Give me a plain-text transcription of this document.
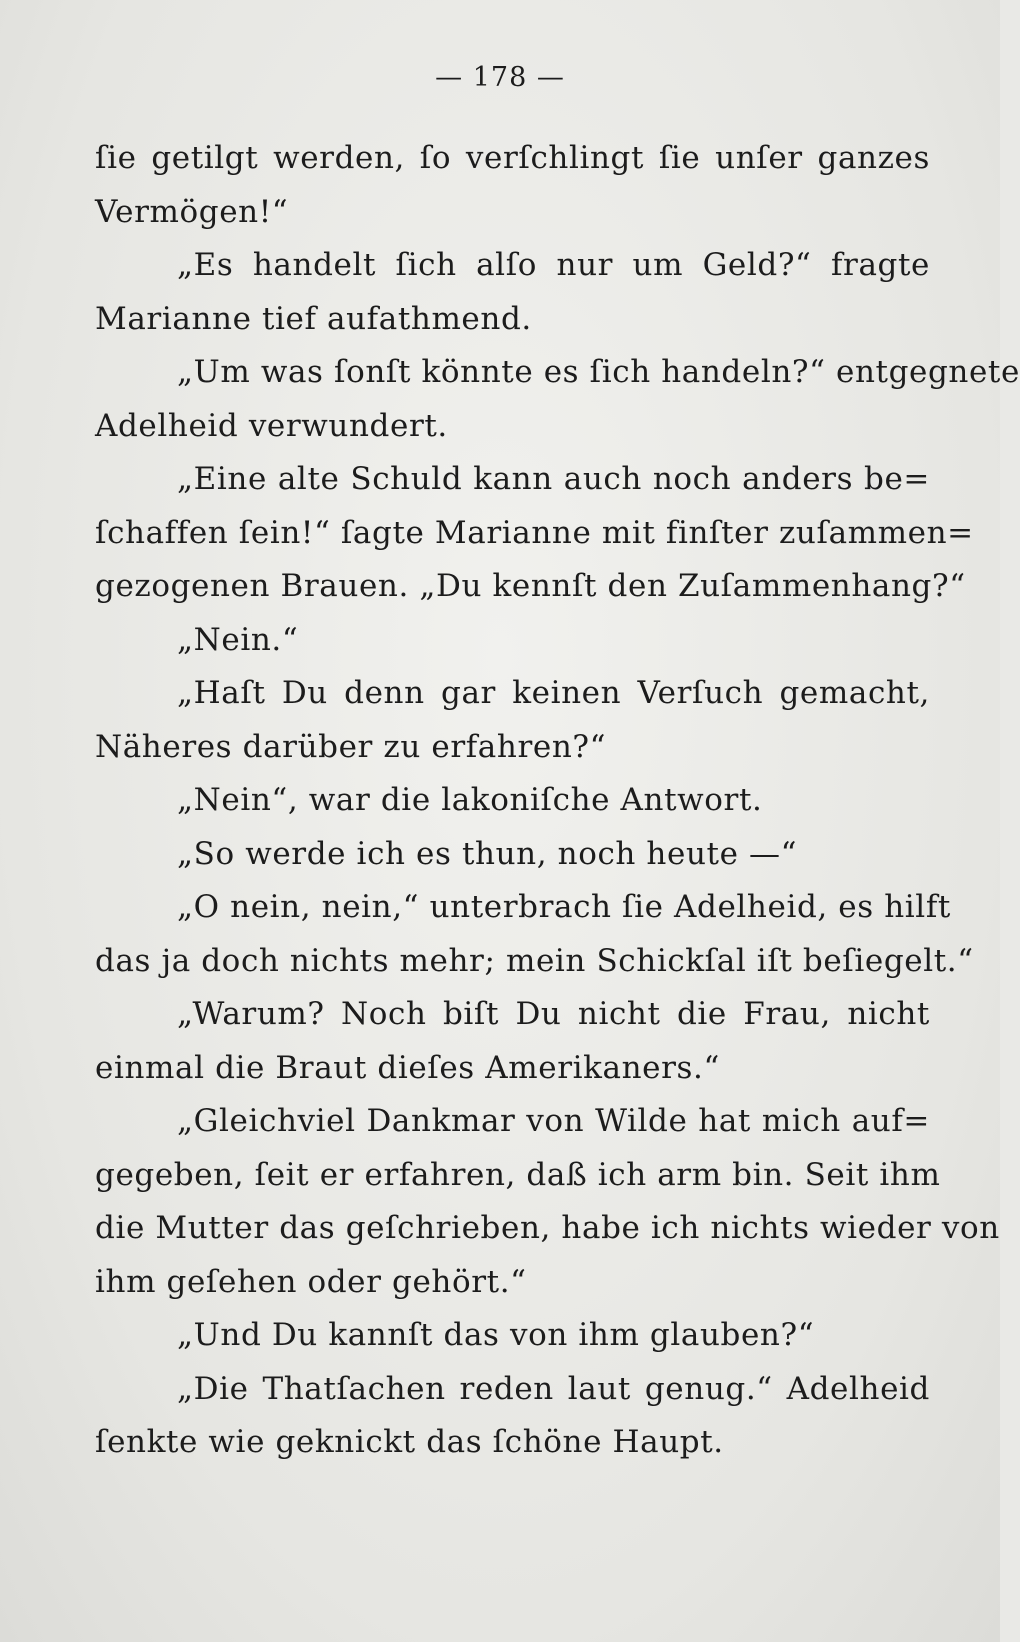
— 178 —
ſie getilgt werden, ſo verſchlingt ſie unſer ganzes
Vermögen!“
„Es handelt ſich alſo nur um Geld?“ fragte
Marianne tief aufathmend.
„Um was ſonſt könnte es ſich handeln?“ entgegnete
Adelheid verwundert.
„Eine alte Schuld kann auch noch anders be=
ſchaffen ſein!“ ſagte Marianne mit finſter zuſammen=
gezogenen Brauen. „Du kennſt den Zuſammenhang?“
„Nein.“
„Haſt Du denn gar keinen Verſuch gemacht,
Näheres darüber zu erfahren?“
„Nein“, war die lakoniſche Antwort.
„So werde ich es thun, noch heute —“
„O nein, nein,“ unterbrach ſie Adelheid, es hilft
das ja doch nichts mehr; mein Schickſal iſt beſiegelt.“
„Warum? Noch biſt Du nicht die Frau, nicht
einmal die Braut dieſes Amerikaners.“
„Gleichviel Dankmar von Wilde hat mich auf=
gegeben, ſeit er erfahren, daß ich arm bin. Seit ihm
die Mutter das geſchrieben, habe ich nichts wieder von
ihm geſehen oder gehört.“
„Und Du kannſt das von ihm glauben?“
„Die Thatſachen reden laut genug.“ Adelheid
ſenkte wie geknickt das ſchöne Haupt.
